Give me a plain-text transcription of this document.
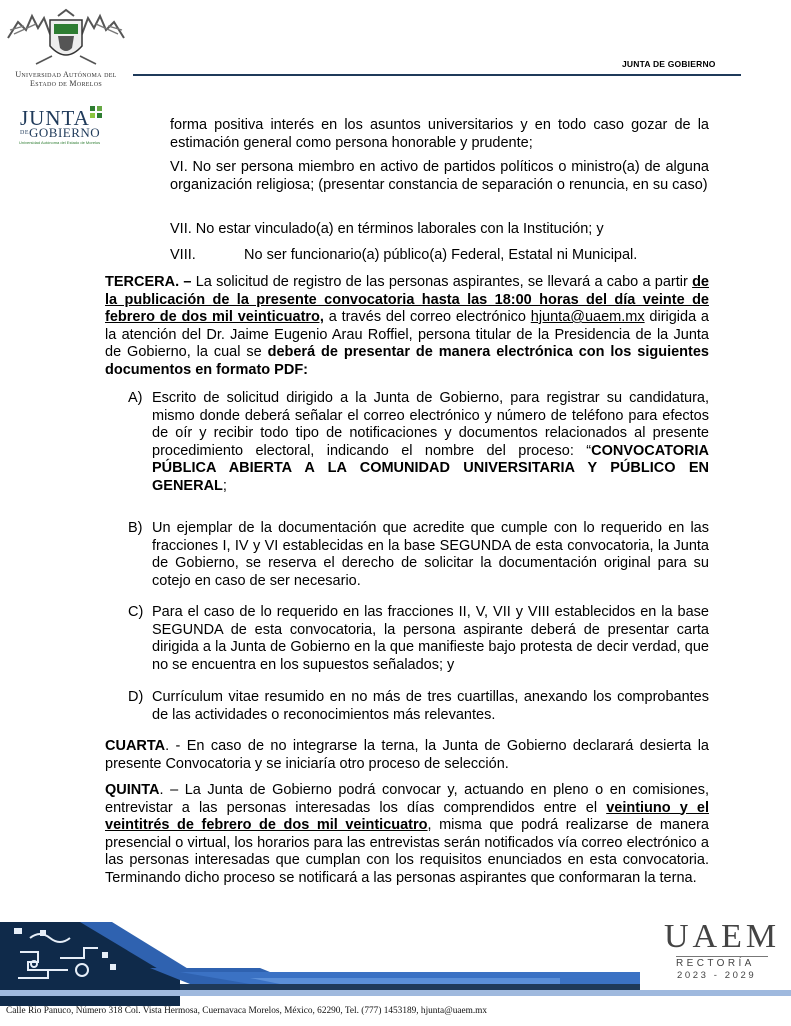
Universidad Autónoma del
Estado de Morelos
JUNTA DE GOBIERNO
JUNTA
$^{DE}$GOBIERNO
Universidad Autónoma del Estado de Morelos
forma positiva interés en los asuntos universitarios y en todo caso gozar de la estimación general como persona honorable y prudente;
VI. No ser persona miembro en activo de partidos políticos o ministro(a) de alguna organización religiosa; (presentar constancia de separación o renuncia, en su caso)
VII. No estar vinculado(a) en términos laborales con la Institución; y
VIII.	No ser funcionario(a) público(a) Federal, Estatal ni Municipal.
TERCERA. – La solicitud de registro de las personas aspirantes, se llevará a cabo a partir de la publicación de la presente convocatoria hasta las 18:00 horas del día veinte de febrero de dos mil veinticuatro, a través del correo electrónico hjunta@uaem.mx dirigida a la atención del Dr. Jaime Eugenio Arau Roffiel, persona titular de la Presidencia de la Junta de Gobierno, la cual se deberá de presentar de manera electrónica con los siguientes documentos en formato PDF:
A) Escrito de solicitud dirigido a la Junta de Gobierno, para registrar su candidatura, mismo donde deberá señalar el correo electrónico y número de teléfono para efectos de oír y recibir todo tipo de notificaciones y documentos relacionados al presente procedimiento electoral, indicando el nombre del proceso: “CONVOCATORIA PÚBLICA ABIERTA A LA COMUNIDAD UNIVERSITARIA Y PÚBLICO EN GENERAL;
B) Un ejemplar de la documentación que acredite que cumple con lo requerido en las fracciones I, IV y VI establecidas en la base SEGUNDA de esta convocatoria, la Junta de Gobierno, se reserva el derecho de solicitar la documentación original para su cotejo en caso de ser necesario.
C) Para el caso de lo requerido en las fracciones II, V, VII y VIII establecidos en la base SEGUNDA de esta convocatoria, la persona aspirante deberá de presentar carta dirigida a la Junta de Gobierno en la que manifieste bajo protesta de decir verdad, que no se encuentra en los supuestos señalados; y
D) Currículum vitae resumido en no más de tres cuartillas, anexando los comprobantes de las actividades o reconocimientos más relevantes.
CUARTA. - En caso de no integrarse la terna, la Junta de Gobierno declarará desierta la presente Convocatoria y se iniciaría otro proceso de selección.
QUINTA. – La Junta de Gobierno podrá convocar y, actuando en pleno o en comisiones, entrevistar a las personas interesadas los días comprendidos entre el veintiuno y el veintitrés de febrero de dos mil veinticuatro, misma que podrá realizarse de manera presencial o virtual, los horarios para las entrevistas serán notificados vía correo electrónico a las personas interesadas que cumplan con los requisitos enunciados en esta convocatoria. Terminando dicho proceso se notificará a las personas aspirantes que conformaran la terna.
UAEM
RECTORÍA
2023 - 2029
Calle Rio Panuco, Número 318 Col. Vista Hermosa, Cuernavaca Morelos, México, 62290, Tel. (777) 1453189, hjunta@uaem.mx
